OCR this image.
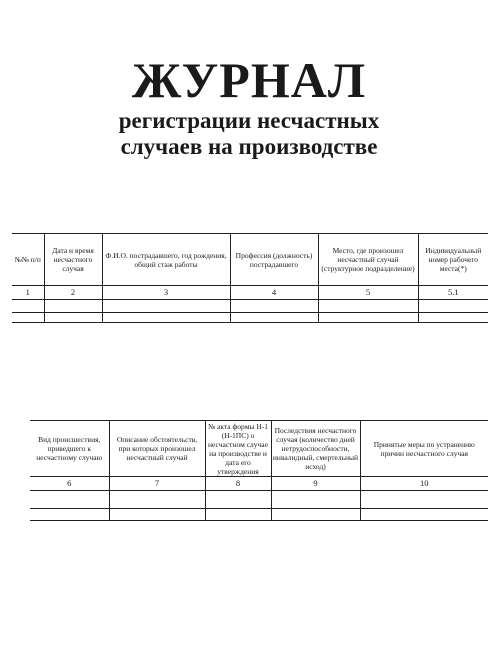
ЖУРНАЛ
регистрации несчастных
случаев на производстве
№№ п/п	Дата и время несчастного случая	Ф.И.О. пострадавшего, год рождения, общий стаж работы	Профессия (должность) пострадавшего	Место, где произошел несчастный случай (структурное подразделение)	Индивидуальный номер рабочего места(*)
1	2	3	4	5	5.1

Вид происшествия, приведшего к несчастному случаю	Описание обстоятельств, при которых произошел несчастный случай	№ акта формы Н-1 (Н-1ПС) о несчастном случае на производстве и дата его утверждения	Последствия несчастного случая (количество дней нетрудоспособности, инвалидный, смертельный исход)	Принятые меры по устранению причин несчастного случая
6	7	8	9	10
